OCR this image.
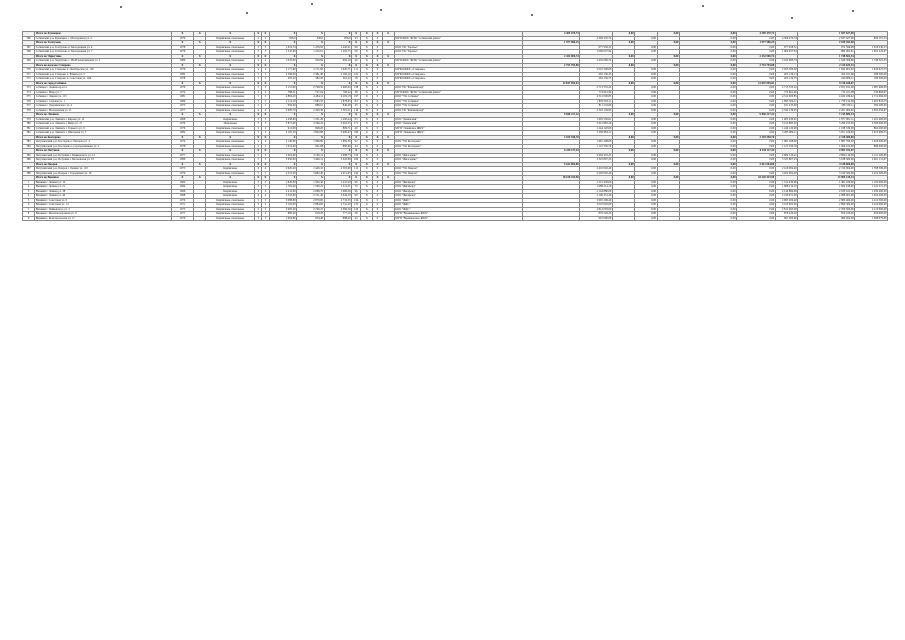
	Итого по Кузнецкое	Х	Х	Х	Х	Х	Х	Х	Х	Х	Х	Х	Х		4 309 470,74		0,00		0,00	0,00	4 309 470,74		1 837 627,00	
366	Собинский р-н, Кузнецкое с. Молодежная ул. 2	1979		Кирпичные, панельные	2	2	936,0	936,0	858,0	43	Х	0		МУП ЖКХ "ЖЭК "Собинский район"		4 309 470,74		0,00		0,00	0,00	4 309 470,74	2 837 627,00	839 167,33
	Итого по Толпухово	Х	Х	Х	Х	Х	Х	Х	Х	Х	Х	Х	Х		1 977 986,25		0,00		0,00	0,00	1 977 986,25		2 109 453,00	
367	Собинский р-н, Толпухово п. Молодежная ул. 6	1978		Кирпичные, панельные	3	3	1 619,74	1 476,93	1 420,21	60	Х	0		ООО УК "Заречье"		977 958,31		0,00		0,00	0,00	977 958,31	972 396,08	1 018 230,33
368	Собинский р-н, Толпухово п. Молодежная ул. 7	1979		Кирпичные, панельные	3	3	1 347,69	1 232,61	1 202,75	56	Х	0		ООО УК "Заречье"		1 000 027,94		0,00		0,00	0,00	1 000 027,94	984 003,81	1 091 222,67
	Итого по Черкутино	Х	Х	Х	Х	Х	Х	Х	Х	Х	Х	Х	Х		2 432 000,74		0,00		0,00	0,00	2 432 000,74		1 748 501,33	
369	Собинский р-н, Черкутино с. Ив.В.Алексиевская ул. 3	1980		Кирпичные, панельные	2	2	1 035,00	950,84	902,19	40	Х	0		МУП ЖКХ "ЖЭК "Собинский район"		2 432 000,74		0,00		0,00	0,00	2 432 000,74	1 940 306,66	1 748 501,33
	Итого по поселок Ставрово	Х	Х	Х	Х	Х	Х	Х	Х	Х	Х	Х	Х		2 753 795,88		0,00		0,00	0,00	2 753 795,88		2 114 625,33	
370	Собинский р-н, Ставрово п. Октябрьская ул. 120	1976		Кирпичные, панельные	4	4	2 171,60	2 171,60	1 920,71	111	Х	0		МУКП ЖКХ «Ставрово»		2 025 500,00		0,00		0,00	0,00	2 025 500,00	1 842 001,92	1 645 625,33
371	Собинский р-н, Ставрово п. Южная ул. 3	1982		Кирпичные, панельные	5	5	2 590,00	2 381,40	2 166,10	122	Х	0		МУКП ЖКХ «Ставрово»		465 136,13		0,00		0,00	0,00	465 136,13	452 101,00	288 500,00
372	Собинский р-н, Ставрово п. Советская ул. 10А	1978		Кирпичные, панельные	2	2	405,20	382,20	361,22	18	Х	0		МУКП ЖКХ «Ставрово»		263 159,75		0,00		0,00	0,00	263 159,75	249 008,11	180 500,00
	Итого по город Собинка	Х	Х	Х	Х	Х	Х	Х	Х	Х	Х	Х	Х		12 847 095,63		0,00		0,00	0,00	12 847 095,63		9 116 428,67	
373	Собинка г. Ленина пр-кт 2	1979		Кирпичные, панельные	5	5	3 151,90	2 799,50	2 660,20	138	Х	0		ООО УК "Ремжилфонд"		2 713 555,22		0,00		0,00	0,00	2 713 555,22	2 651 031,00	1 987 466,00
374	Собинка г. Мира ул. 7	1972		Кирпичные, панельные	2	2	788,31	727,04	706,22	38	Х	0		МУП ЖКХ "ЖЭК "Собинский район"		774 661,90		0,00		0,00	0,00	774 661,90	712 101,08	530 806,67
375	Собинка г. Лакина ул. 115	1981		Кирпичные, панельные	5	5	4 884,20	4 484,12	4 205,18	197	Х	0		ООО "УК Собинка"		4 312 000,85		0,00		0,00	0,00	4 312 000,85	4 022 186,42	2 712 666,00
376	Собинка г. Садовая ул. 1	1980		Кирпичные, панельные	3	3	2 114,10	1 985,32	1 878,05	84	Х	0		ООО "УК Собинка"		1 893 504,11		0,00		0,00	0,00	1 893 504,11	1 759 212,00	1 205 833,33
377	Собинка г. Дзержинского ул. 4	1975		Кирпичные, панельные	2	2	956,40	889,01	846,28	45	Х	0		ООО "УК Собинка"		811 233,60		0,00		0,00	0,00	811 233,60	786 330,11	584 200,00
378	Собинка г. Молодежная ул. 11	1977		Кирпичные, панельные	4	4	2 605,70	2 420,36	2 301,11	116	Х	0		ООО УК "Ремжилфонд"		2 342 139,95		0,00		0,00	0,00	2 342 139,95	2 201 004,92	2 095 456,67
	Итого по Лакинск	Х	Х	Х	Х	Х	Х	Х	Х	Х	Х	Х	Х		9 846 217,32		0,00		0,00	0,00	9 846 217,32		7 215 889,33	
379	Собинский р-н, Лакинск г. Кирова ул. 12	1968		Кирпичные	3	3	1 458,60	1 351,20	1 290,44	63	Х	0		ООО "Лакинский"		1 905 230,01		0,00		0,00	0,00	1 905 230,01	1 877 001,11	1 201 400,00
380	Собинский р-н, Лакинск г. Мира ул. 21	1970		Панельные	5	5	3 871,40	3 566,22	3 402,55	171	Х	0		ООО "Лакинский"		3 412 883,20		0,00		0,00	0,00	3 412 883,20	3 299 015,00	2 509 600,00
381	Собинский р-н, Лакинск г. Горького ул. 9	1976		Кирпичные, панельные	2	2	912,00	848,20	809,71	40	Х	0		МУП "Лакинское ЖКХ"		1 244 120,00		0,00		0,00	0,00	1 244 120,00	1 198 336,00	894 200,00
382	Собинский р-н, Лакинск г. Школьная ул. 5	1982		Кирпичные, панельные	5	5	4 105,30	3 802,88	3 600,07	180	Х	0		МУП "Лакинское ЖКХ"		3 283 984,11		0,00		0,00	0,00	3 283 984,11	3 051 226,00	2 610 689,33
	Итого по Костерево	Х	Х	Х	Х	Х	Х	Х	Х	Х	Х	Х	Х		3 104 558,70		0,00		0,00	0,00	3 104 558,70		2 318 400,00	
383	Петушинский р-н, Костерево г. Писцова ул. 4	1974		Кирпичные, панельные	4	4	2 140,00	1 996,80	1 882,30	92	Х	0		ООО "УК Костерево"		1 981 208,00		0,00		0,00	0,00	1 981 208,00	1 887 350,00	1 420 000,00
384	Петушинский р-н, Костерево г. Серебренникова ул. 2	1978		Кирпичные, панельные	2	2	1 012,40	941,08	890,66	44	Х	0		ООО "УК Костерево"		1 123 350,70		0,00		0,00	0,00	1 123 350,70	1 066 102,00	898 400,00
	Итого по Петушки	Х	Х	Х	Х	Х	Х	Х	Х	Х	Х	Х	Х		6 230 117,44		0,00		0,00	0,00	6 230 117,44		4 902 331,67	
385	Петушинский р-н, Петушки г. Маяковского ул. 14	1977		Кирпичные, панельные	5	5	3 402,60	3 160,14	2 988,73	150	Х	0		ООО "Жилсервис"		2 904 310,21		0,00		0,00	0,00	2 904 310,21	2 800 116,00	2 211 200,00
386	Петушинский р-н, Петушки г. Московская ул. 33	1980		Кирпичные, панельные	5	5	3 650,00	3 400,12	3 220,80	160	Х	0		ООО "Жилсервис"		3 325 807,23		0,00		0,00	0,00	3 325 807,23	3 188 500,00	2 691 131,67
	Итого по Покров	Х	Х	Х	Х	Х	Х	Х	Х	Х	Х	Х	Х		5 612 004,80		0,00		0,00	0,00	5 612 004,80		4 118 600,00	
387	Петушинский р-н, Покров г. Ленина ул. 110	1973		Кирпичные	4	4	2 620,40	2 440,10	2 305,00	112	Х	0		ООО "УК Покров"		2 410 002,40		0,00		0,00	0,00	2 410 002,40	2 310 004,00	1 708 300,00
388	Петушинский р-н, Покров г. Герасимова ул. 19	1979		Кирпичные, панельные	5	5	3 315,20	3 082,40	2 911,45	144	Х	0		ООО "УК Покров"		3 202 002,40		0,00		0,00	0,00	3 202 002,40	3 100 500,00	2 410 300,00
	Итого по Вязники	Х	Х	Х	Х	Х	Х	Х	Х	Х	Х	Х	Х		18 220 415,90		0,00		0,00	0,00	18 220 415,90		13 905 210,33	
1	Вязники г. Ленина ул. 12	1962		Кирпичные	3	3	1 620,00	1 502,30	1 441,20	66	Х	0		ООО "Жилфонд"		1 512 430,00		0,00		0,00	0,00	1 512 430,00	1 481 220,00	1 105 000,00
2	Вязники г. Ленина ул. 21	1964		Кирпичные	3	3	1 702,40	1 590,22	1 512,31	70	Х	0		ООО "Жилфонд"		1 688 214,10		0,00		0,00	0,00	1 688 214,10	1 602 018,00	1 222 331,33
3	Вязники г. Ленина ул. 38	1966		Кирпичные	4	4	2 241,00	2 088,70	1 980,20	96	Х	0		ООО "Жилфонд"		2 144 880,00		0,00		0,00	0,00	2 144 880,00	2 030 102,00	1 630 400,00
4	Вязники г. Ленина ул. 40	1968		Кирпичные	4	4	2 310,60	2 151,40	2 044,30	99	Х	0		ООО "Жилфонд"		2 190 451,20		0,00		0,00	0,00	2 190 451,20	2 088 001,00	1 654 200,00
5	Вязники г. Советская ул. 6	1970		Кирпичные, панельные	5	5	3 088,80	2 870,00	2 733,55	134	Х	0		ООО "ЖКС"		2 995 206,40		0,00		0,00	0,00	2 995 206,40	2 880 400,00	2 210 300,00
6	Вязники г. Советская ул. 14	1971		Кирпичные, панельные	5	5	3 102,00	2 884,60	2 741,20	135	Х	0		ООО "ЖКС"		3 010 002,00		0,00		0,00	0,00	3 010 002,00	2 890 300,00	2 224 000,00
7	Вязники г. Чайковского ул. 3	1975		Кирпичные, панельные	5	5	2 905,40	2 700,10	2 566,30	126	Х	0		ООО "ЖКС"		2 812 003,00		0,00		0,00	0,00	2 812 003,00	2 700 500,00	2 110 000,00
8	Вязники г. Железнодорожная ул. 9	1977		Кирпичные, панельные	2	2	880,40	818,20	777,10	38	Х	0		МУП "Вязниковское ЖКХ"		876 229,20		0,00		0,00	0,00	876 229,20	850 100,00	650 000,00
9	Вязники г. Комсомольская ул. 17	1979		Кирпичные, панельные	3	3	1 004,80	934,40	888,20	44	Х	0		МУП "Вязниковское ЖКХ"		991 000,00		0,00		0,00	0,00	991 000,00	960 202,00	1 098 979,00
